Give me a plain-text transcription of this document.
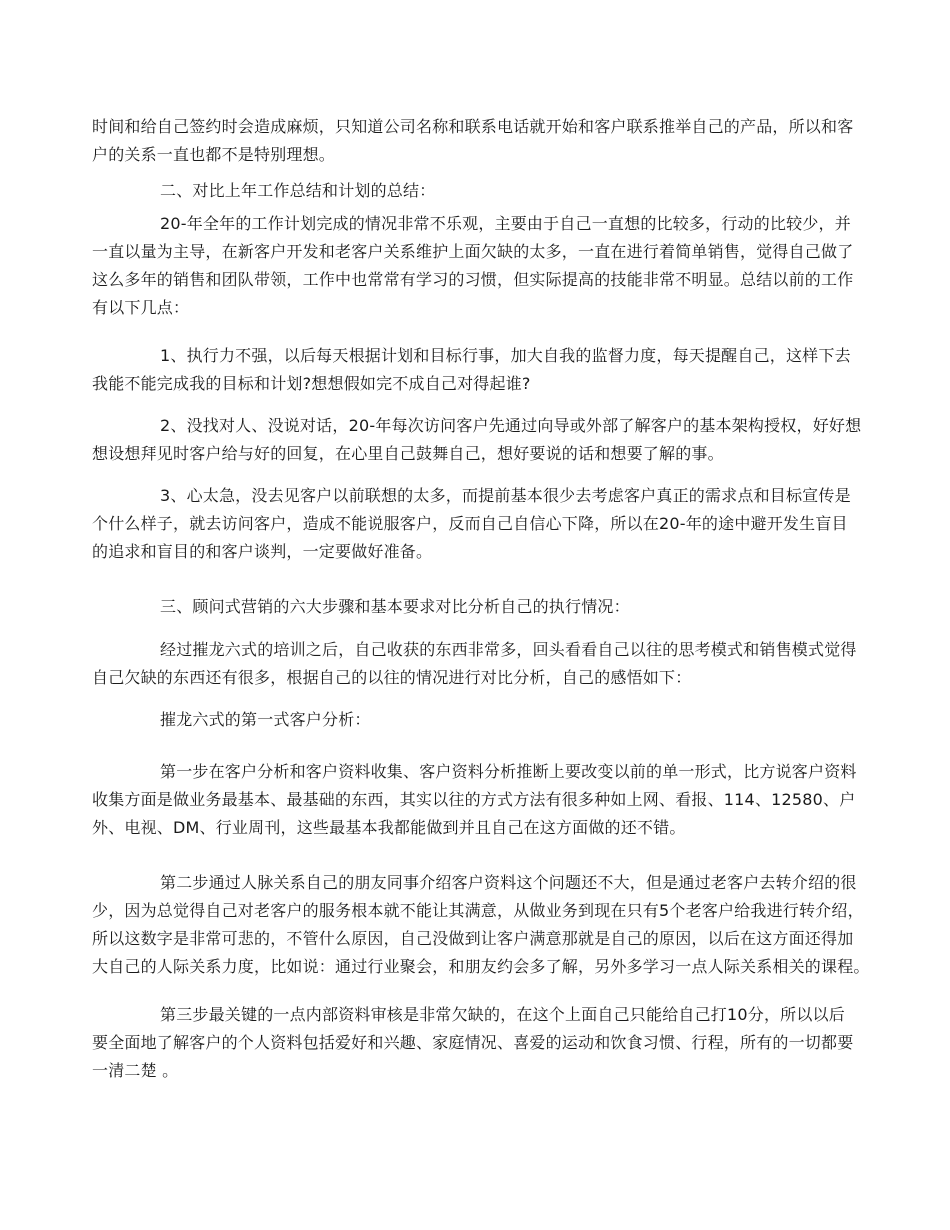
时间和给自己签约时会造成麻烦，只知道公司名称和联系电话就开始和客户联系推举自己的产品，所以和客
户的关系一直也都不是特别理想。
二、对比上年工作总结和计划的总结：
20-年全年的工作计划完成的情况非常不乐观，主要由于自己一直想的比较多，行动的比较少，并
一直以量为主导，在新客户开发和老客户关系维护上面欠缺的太多，一直在进行着简单销售，觉得自己做了
这么多年的销售和团队带领，工作中也常常有学习的习惯，但实际提高的技能非常不明显。总结以前的工作
有以下几点：
1、执行力不强，以后每天根据计划和目标行事，加大自我的监督力度，每天提醒自己，这样下去
我能不能完成我的目标和计划?想想假如完不成自己对得起谁?
2、没找对人、没说对话，20-年每次访问客户先通过向导或外部了解客户的基本架构授权，好好想
想设想拜见时客户给与好的回复，在心里自己鼓舞自己，想好要说的话和想要了解的事。
3、心太急，没去见客户以前联想的太多，而提前基本很少去考虑客户真正的需求点和目标宣传是
个什么样子，就去访问客户，造成不能说服客户，反而自己自信心下降，所以在20-年的途中避开发生盲目
的追求和盲目的和客户谈判，一定要做好准备。
三、顾问式营销的六大步骤和基本要求对比分析自己的执行情况：
经过摧龙六式的培训之后，自己收获的东西非常多，回头看看自己以往的思考模式和销售模式觉得
自己欠缺的东西还有很多，根据自己的以往的情况进行对比分析，自己的感悟如下：
摧龙六式的第一式客户分析：
第一步在客户分析和客户资料收集、客户资料分析推断上要改变以前的单一形式，比方说客户资料
收集方面是做业务最基本、最基础的东西，其实以往的方式方法有很多种如上网、看报、114、12580、户
外、电视、DM、行业周刊，这些最基本我都能做到并且自己在这方面做的还不错。
第二步通过人脉关系自己的朋友同事介绍客户资料这个问题还不大，但是通过老客户去转介绍的很
少，因为总觉得自己对老客户的服务根本就不能让其满意，从做业务到现在只有5个老客户给我进行转介绍，
所以这数字是非常可悲的，不管什么原因，自己没做到让客户满意那就是自己的原因，以后在这方面还得加
大自己的人际关系力度，比如说：通过行业聚会，和朋友约会多了解，另外多学习一点人际关系相关的课程。
第三步最关键的一点内部资料审核是非常欠缺的，在这个上面自己只能给自己打10分，所以以后
要全面地了解客户的个人资料包括爱好和兴趣、家庭情况、喜爱的运动和饮食习惯、行程，所有的一切都要
一清二楚 。
